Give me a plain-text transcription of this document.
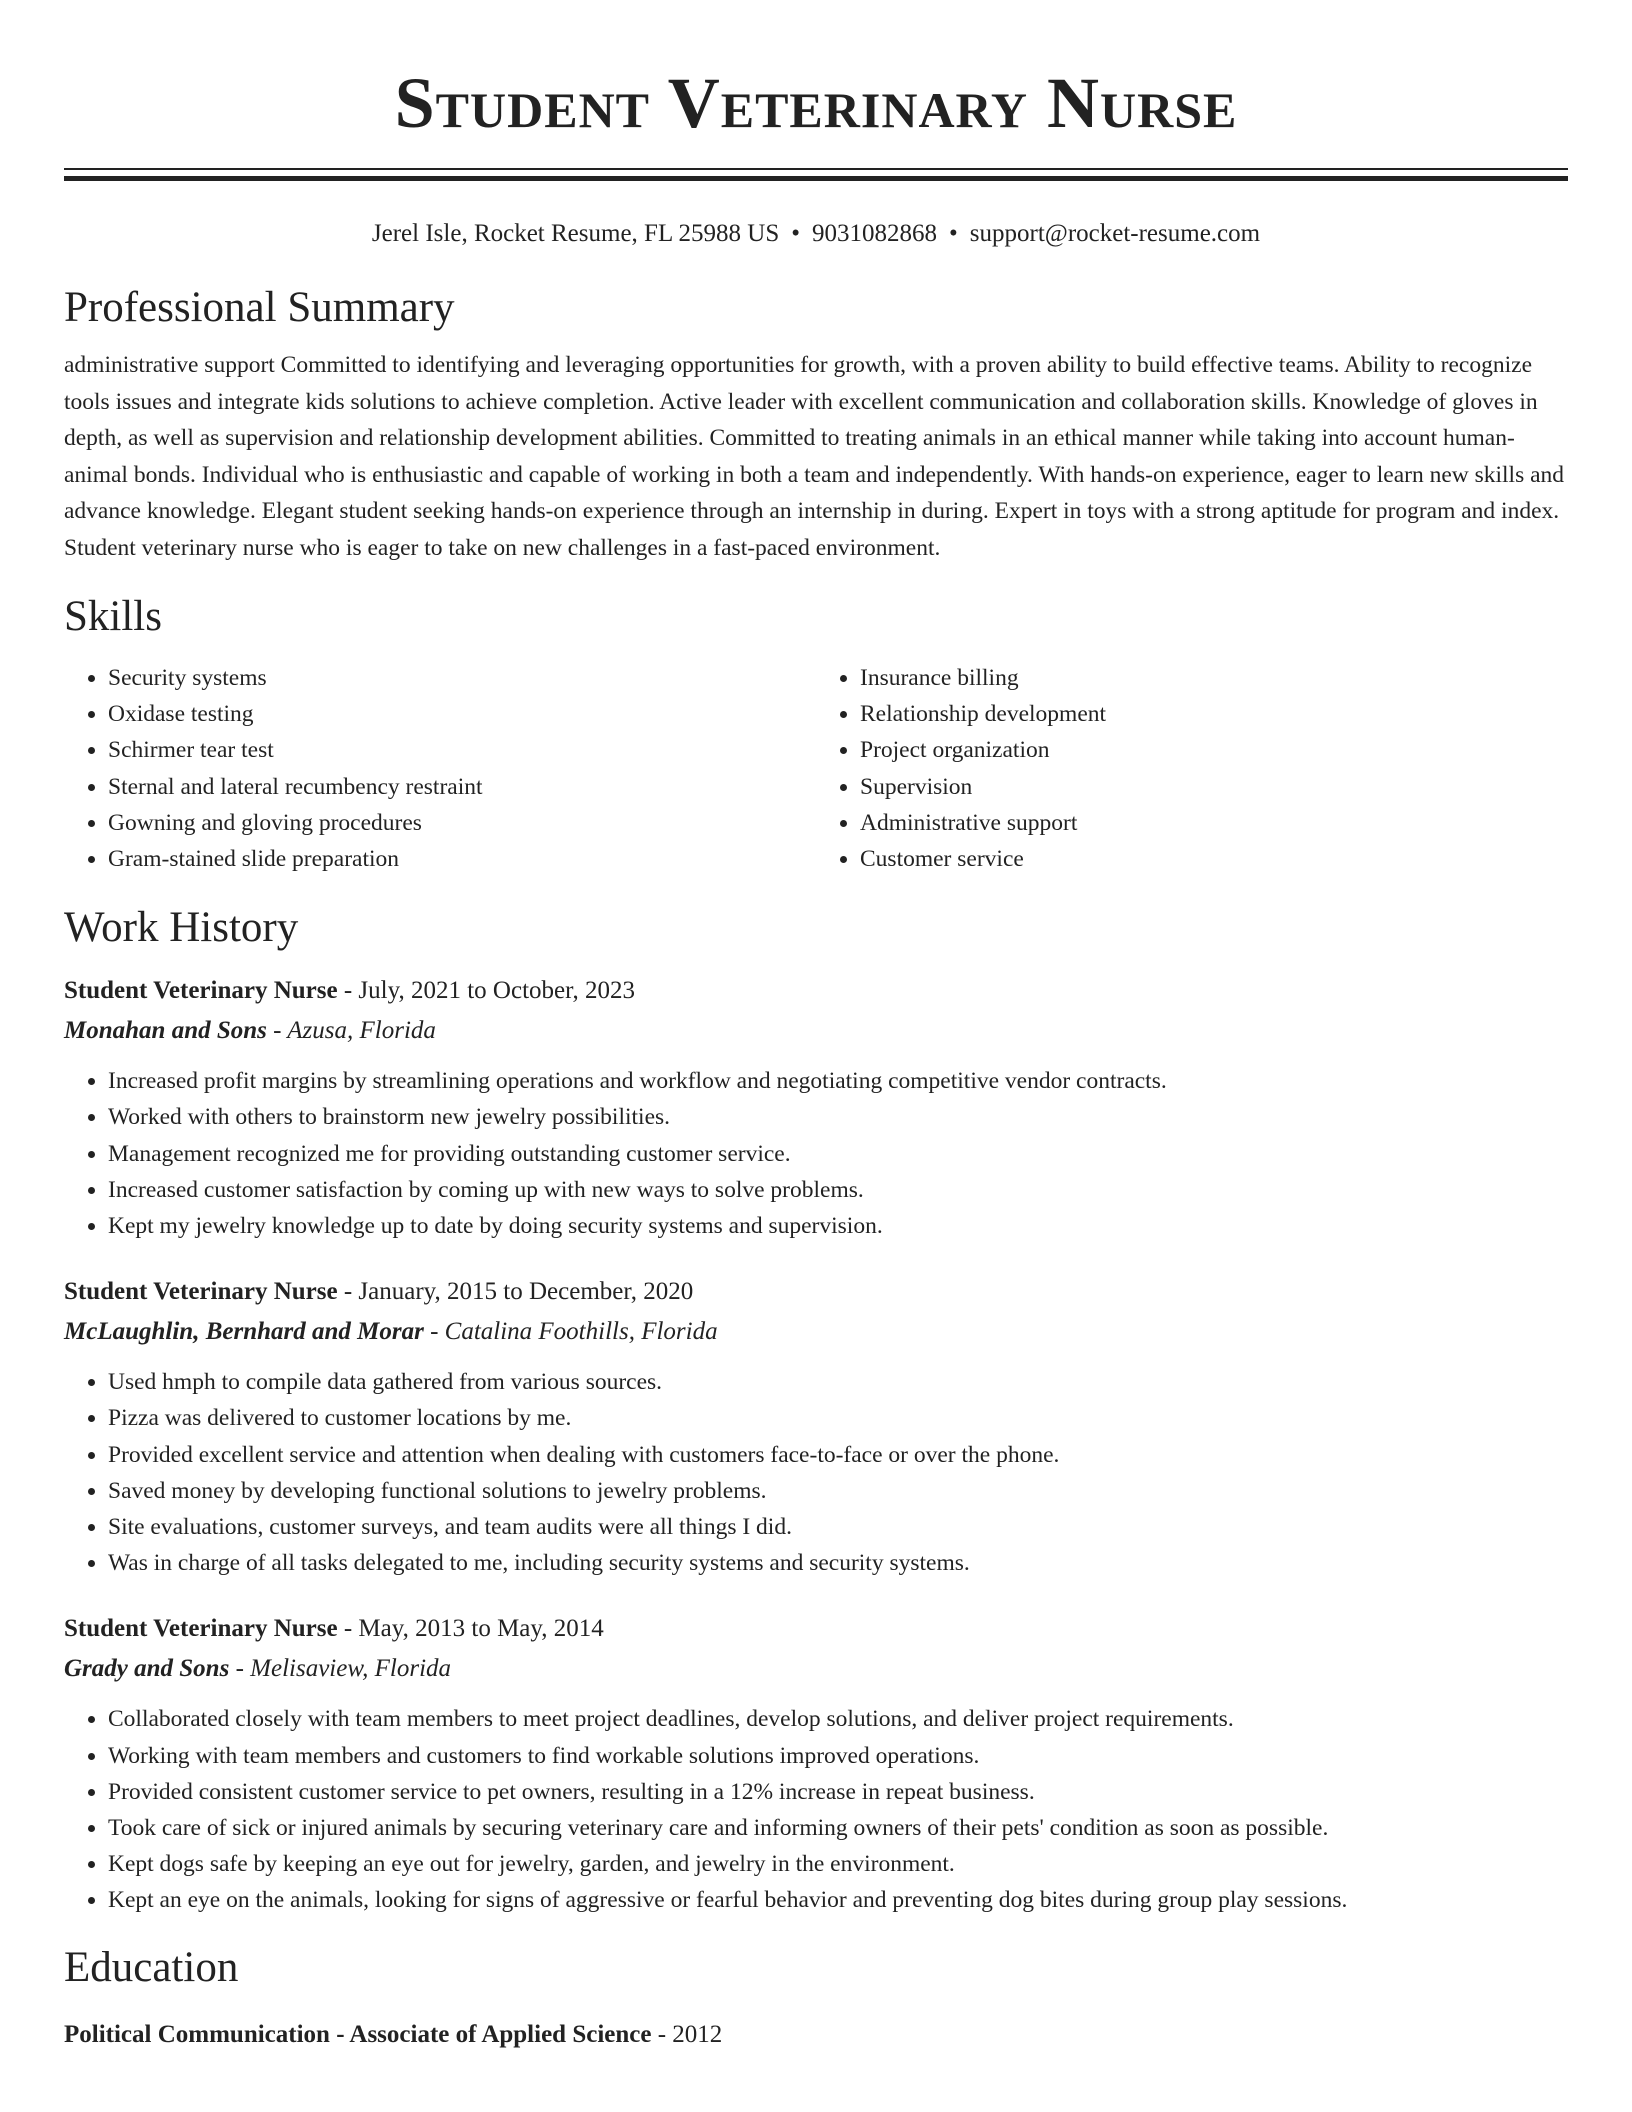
Student Veterinary Nurse
Jerel Isle, Rocket Resume, FL 25988 US • 9031082868 • support@rocket-resume.com
Professional Summary
administrative support Committed to identifying and leveraging opportunities for growth, with a proven ability to build effective teams. Ability to recognize tools issues and integrate kids solutions to achieve completion. Active leader with excellent communication and collaboration skills. Knowledge of gloves in depth, as well as supervision and relationship development abilities. Committed to treating animals in an ethical manner while taking into account human-animal bonds. Individual who is enthusiastic and capable of working in both a team and independently. With hands-on experience, eager to learn new skills and advance knowledge. Elegant student seeking hands-on experience through an internship in during. Expert in toys with a strong aptitude for program and index. Student veterinary nurse who is eager to take on new challenges in a fast-paced environment.
Skills
• Security systems
• Oxidase testing
• Schirmer tear test
• Sternal and lateral recumbency restraint
• Gowning and gloving procedures
• Gram-stained slide preparation
• Insurance billing
• Relationship development
• Project organization
• Supervision
• Administrative support
• Customer service
Work History
Student Veterinary Nurse - July, 2021 to October, 2023
Monahan and Sons - Azusa, Florida
• Increased profit margins by streamlining operations and workflow and negotiating competitive vendor contracts.
• Worked with others to brainstorm new jewelry possibilities.
• Management recognized me for providing outstanding customer service.
• Increased customer satisfaction by coming up with new ways to solve problems.
• Kept my jewelry knowledge up to date by doing security systems and supervision.
Student Veterinary Nurse - January, 2015 to December, 2020
McLaughlin, Bernhard and Morar - Catalina Foothills, Florida
• Used hmph to compile data gathered from various sources.
• Pizza was delivered to customer locations by me.
• Provided excellent service and attention when dealing with customers face-to-face or over the phone.
• Saved money by developing functional solutions to jewelry problems.
• Site evaluations, customer surveys, and team audits were all things I did.
• Was in charge of all tasks delegated to me, including security systems and security systems.
Student Veterinary Nurse - May, 2013 to May, 2014
Grady and Sons - Melisaview, Florida
• Collaborated closely with team members to meet project deadlines, develop solutions, and deliver project requirements.
• Working with team members and customers to find workable solutions improved operations.
• Provided consistent customer service to pet owners, resulting in a 12% increase in repeat business.
• Took care of sick or injured animals by securing veterinary care and informing owners of their pets' condition as soon as possible.
• Kept dogs safe by keeping an eye out for jewelry, garden, and jewelry in the environment.
• Kept an eye on the animals, looking for signs of aggressive or fearful behavior and preventing dog bites during group play sessions.
Education
Political Communication - Associate of Applied Science - 2012
